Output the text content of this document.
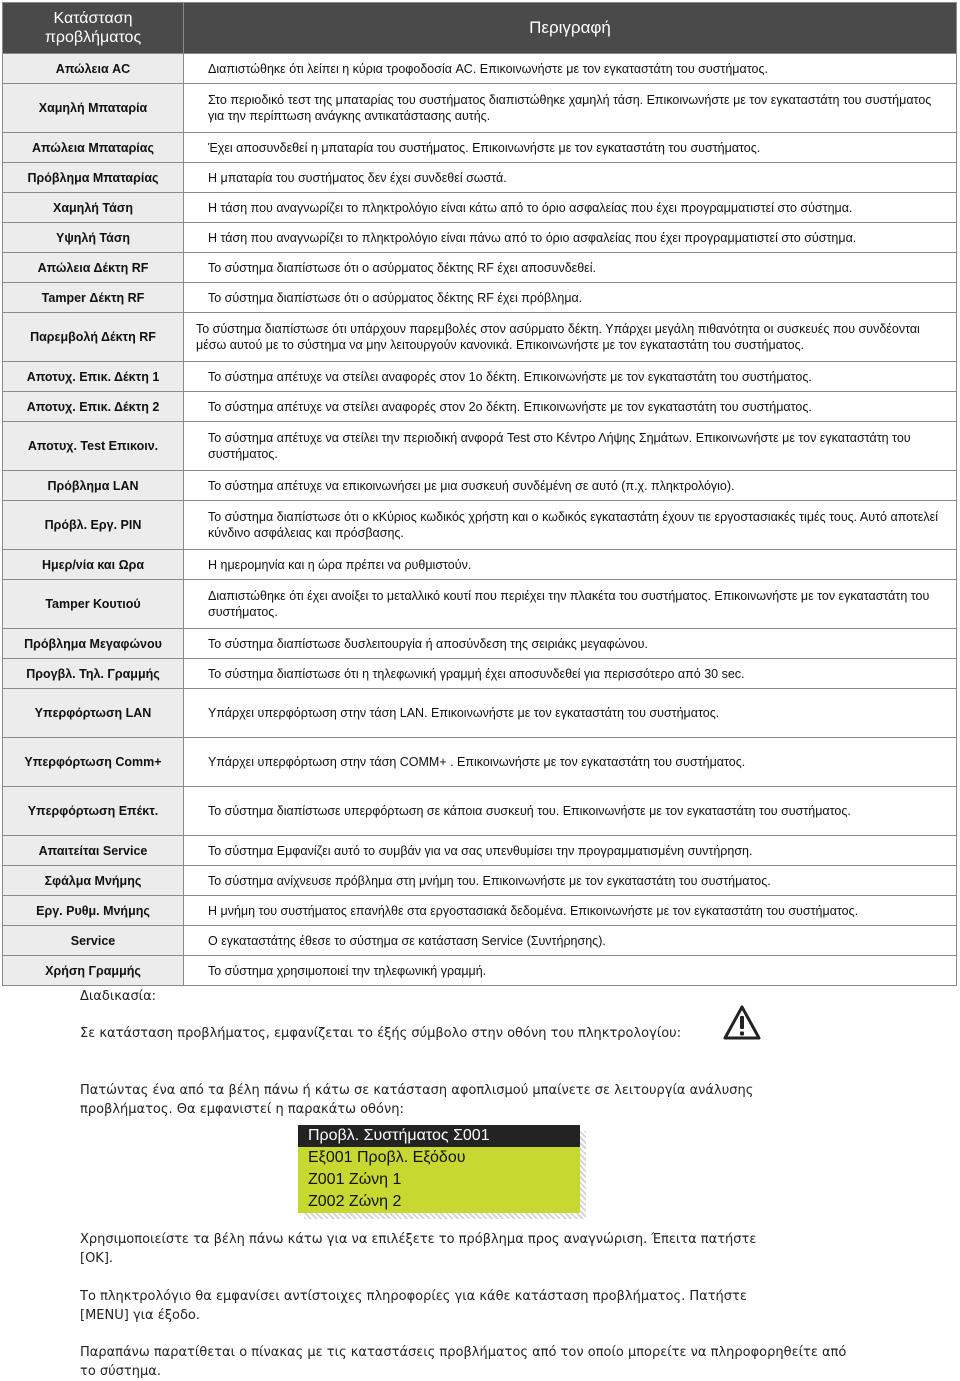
Κατάσταση προβλήματος	Περιγραφή
Απώλεια AC	Διαπιστώθηκε ότι λείπει η κύρια τροφοδοσία AC. Επικοινωνήστε με τον εγκαταστάτη του συστήματος.
Χαμηλή Μπαταρία	Στο περιοδικό τεστ της μπαταρίας του συστήματος διαπιστώθηκε χαμηλή τάση. Επικοινωνήστε με τον εγκαταστάτη του συστήματος για την περίπτωση ανάγκης αντικατάστασης αυτής.
Απώλεια Μπαταρίας	Έχει αποσυνδεθεί η μπαταρία του συστήματος. Επικοινωνήστε με τον εγκαταστάτη του συστήματος.
Πρόβλημα Μπαταρίας	Η μπαταρία του συστήματος δεν έχει συνδεθεί σωστά.
Χαμηλή Τάση	Η τάση που αναγνωρίζει το πληκτρολόγιο είναι κάτω από το όριο ασφαλείας που έχει προγραμματιστεί στο σύστημα.
Υψηλή Τάση	Η τάση που αναγνωρίζει το πληκτρολόγιο είναι πάνω από το όριο ασφαλείας που έχει προγραμματιστεί στο σύστημα.
Απώλεια Δέκτη RF	Το σύστημα διαπίστωσε ότι ο ασύρματος δέκτης RF έχει αποσυνδεθεί.
Tamper Δέκτη RF	Το σύστημα διαπίστωσε ότι ο ασύρματος δέκτης RF έχει πρόβλημα.
Παρεμβολή Δέκτη RF	Το σύστημα διαπίστωσε ότι υπάρχουν παρεμβολές στον ασύρματο δέκτη. Υπάρχει μεγάλη πιθανότητα οι συσκευές που συνδέονται μέσω αυτού με το σύστημα να μην λειτουργούν κανονικά. Επικοινωνήστε με τον εγκαταστάτη του συστήματος.
Αποτυχ. Επικ. Δέκτη 1	Το σύστημα απέτυχε να στείλει αναφορές στον 1ο δέκτη. Επικοινωνήστε με τον εγκαταστάτη του συστήματος.
Αποτυχ. Επικ. Δέκτη 2	Το σύστημα απέτυχε να στείλει αναφορές στον 2ο δέκτη. Επικοινωνήστε με τον εγκαταστάτη του συστήματος.
Αποτυχ. Test Επικοιν.	Το σύστημα απέτυχε να στείλει την περιοδική ανφορά Test στο Κέντρο Λήψης Σημάτων. Επικοινωνήστε με τον εγκαταστάτη του συστήματος.
Πρόβλημα LAN	Το σύστημα απέτυχε να επικοινωνήσει με μια συσκευή συνδέμένη σε αυτό (π.χ. πληκτρολόγιο).
Πρόβλ. Εργ. PIN	Το σύστημα διαπίστωσε ότι ο κΚύριος κωδικός χρήστη και ο κωδικός εγκαταστάτη έχουν τιε εργοστασιακές τιμές τους. Αυτό αποτελεί κύνδινο ασφάλειας και πρόσβασης.
Ημερ/νία και Ωρα	Η ημερομηνία και η ώρα πρέπει να ρυθμιστούν.
Tamper Κουτιού	Διαπιστώθηκε ότι έχει ανοίξει το μεταλλικό κουτί που περιέχει την πλακέτα του συστήματος. Επικοινωνήστε με τον εγκαταστάτη του συστήματος.
Πρόβλημα Μεγαφώνου	Το σύστημα διαπίστωσε δυσλειτουργία ή αποσύνδεση της σειριάκς μεγαφώνου.
Προγβλ. Τηλ. Γραμμής	Το σύστημα διαπίστωσε ότι η τηλεφωνική γραμμή έχει αποσυνδεθεί για περισσότερο από 30 sec.
Υπερφόρτωση LAN	Υπάρχει υπερφόρτωση στην τάση LAN. Επικοινωνήστε με τον εγκαταστάτη του συστήματος.
Υπερφόρτωση Comm+	Υπάρχει υπερφόρτωση στην τάση COMM+ . Επικοινωνήστε με τον εγκαταστάτη του συστήματος.
Υπερφόρτωση Επέκτ.	Το σύστημα διαπίστωσε υπερφόρτωση σε κάποια συσκευή του. Επικοινωνήστε με τον εγκαταστάτη του συστήματος.
Απαιτείται Service	Το σύστημα Εμφανίζει αυτό το συμβάν για να σας υπενθυμίσει την προγραμματισμένη συντήρηση.
Σφάλμα Μνήμης	Το σύστημα ανίχνευσε πρόβλημα στη μνήμη του. Επικοινωνήστε με τον εγκαταστάτη του συστήματος.
Εργ. Ρυθμ. Μνήμης	Η μνήμη του συστήματος επανήλθε στα εργοστασιακά δεδομένα. Επικοινωνήστε με τον εγκαταστάτη του συστήματος.
Service	Ο εγκαταστάτης έθεσε το σύστημα σε κατάσταση Service (Συντήρησης).
Χρήση Γραμμής	Το σύστημα χρησιμοποιεί την τηλεφωνική γραμμή.
Διαδικασία:
Σε κατάσταση προβλήματος, εμφανίζεται το έξής σύμβολο στην οθόνη του πληκτρολογίου:

Πατώντας ένα από τα βέλη πάνω ή κάτω σε κατάσταση αφοπλισμού μπαίνετε σε λειτουργία ανάλυσης

προβλήματος. Θα εμφανιστεί η παρακάτω οθόνη:

Προβλ. Συστήματος Σ001
Εξ001 Προβλ. Εξόδου
Ζ001 Ζώνη 1
Ζ002 Ζώνη 2

Χρησιμοποιείστε τα βέλη πάνω κάτω για να επιλέξετε το πρόβλημα προς αναγνώριση. Έπειτα πατήστε

[OK].

Το πληκτρολόγιο θα εμφανίσει αντίστοιχες πληροφορίες για κάθε κατάσταση προβλήματος. Πατήστε

[MENU] για έξοδο.

Παραπάνω παρατίθεται ο πίνακας με τις καταστάσεις προβλήματος από τον οποίο μπορείτε να πληροφορηθείτε από

το σύστημα.
